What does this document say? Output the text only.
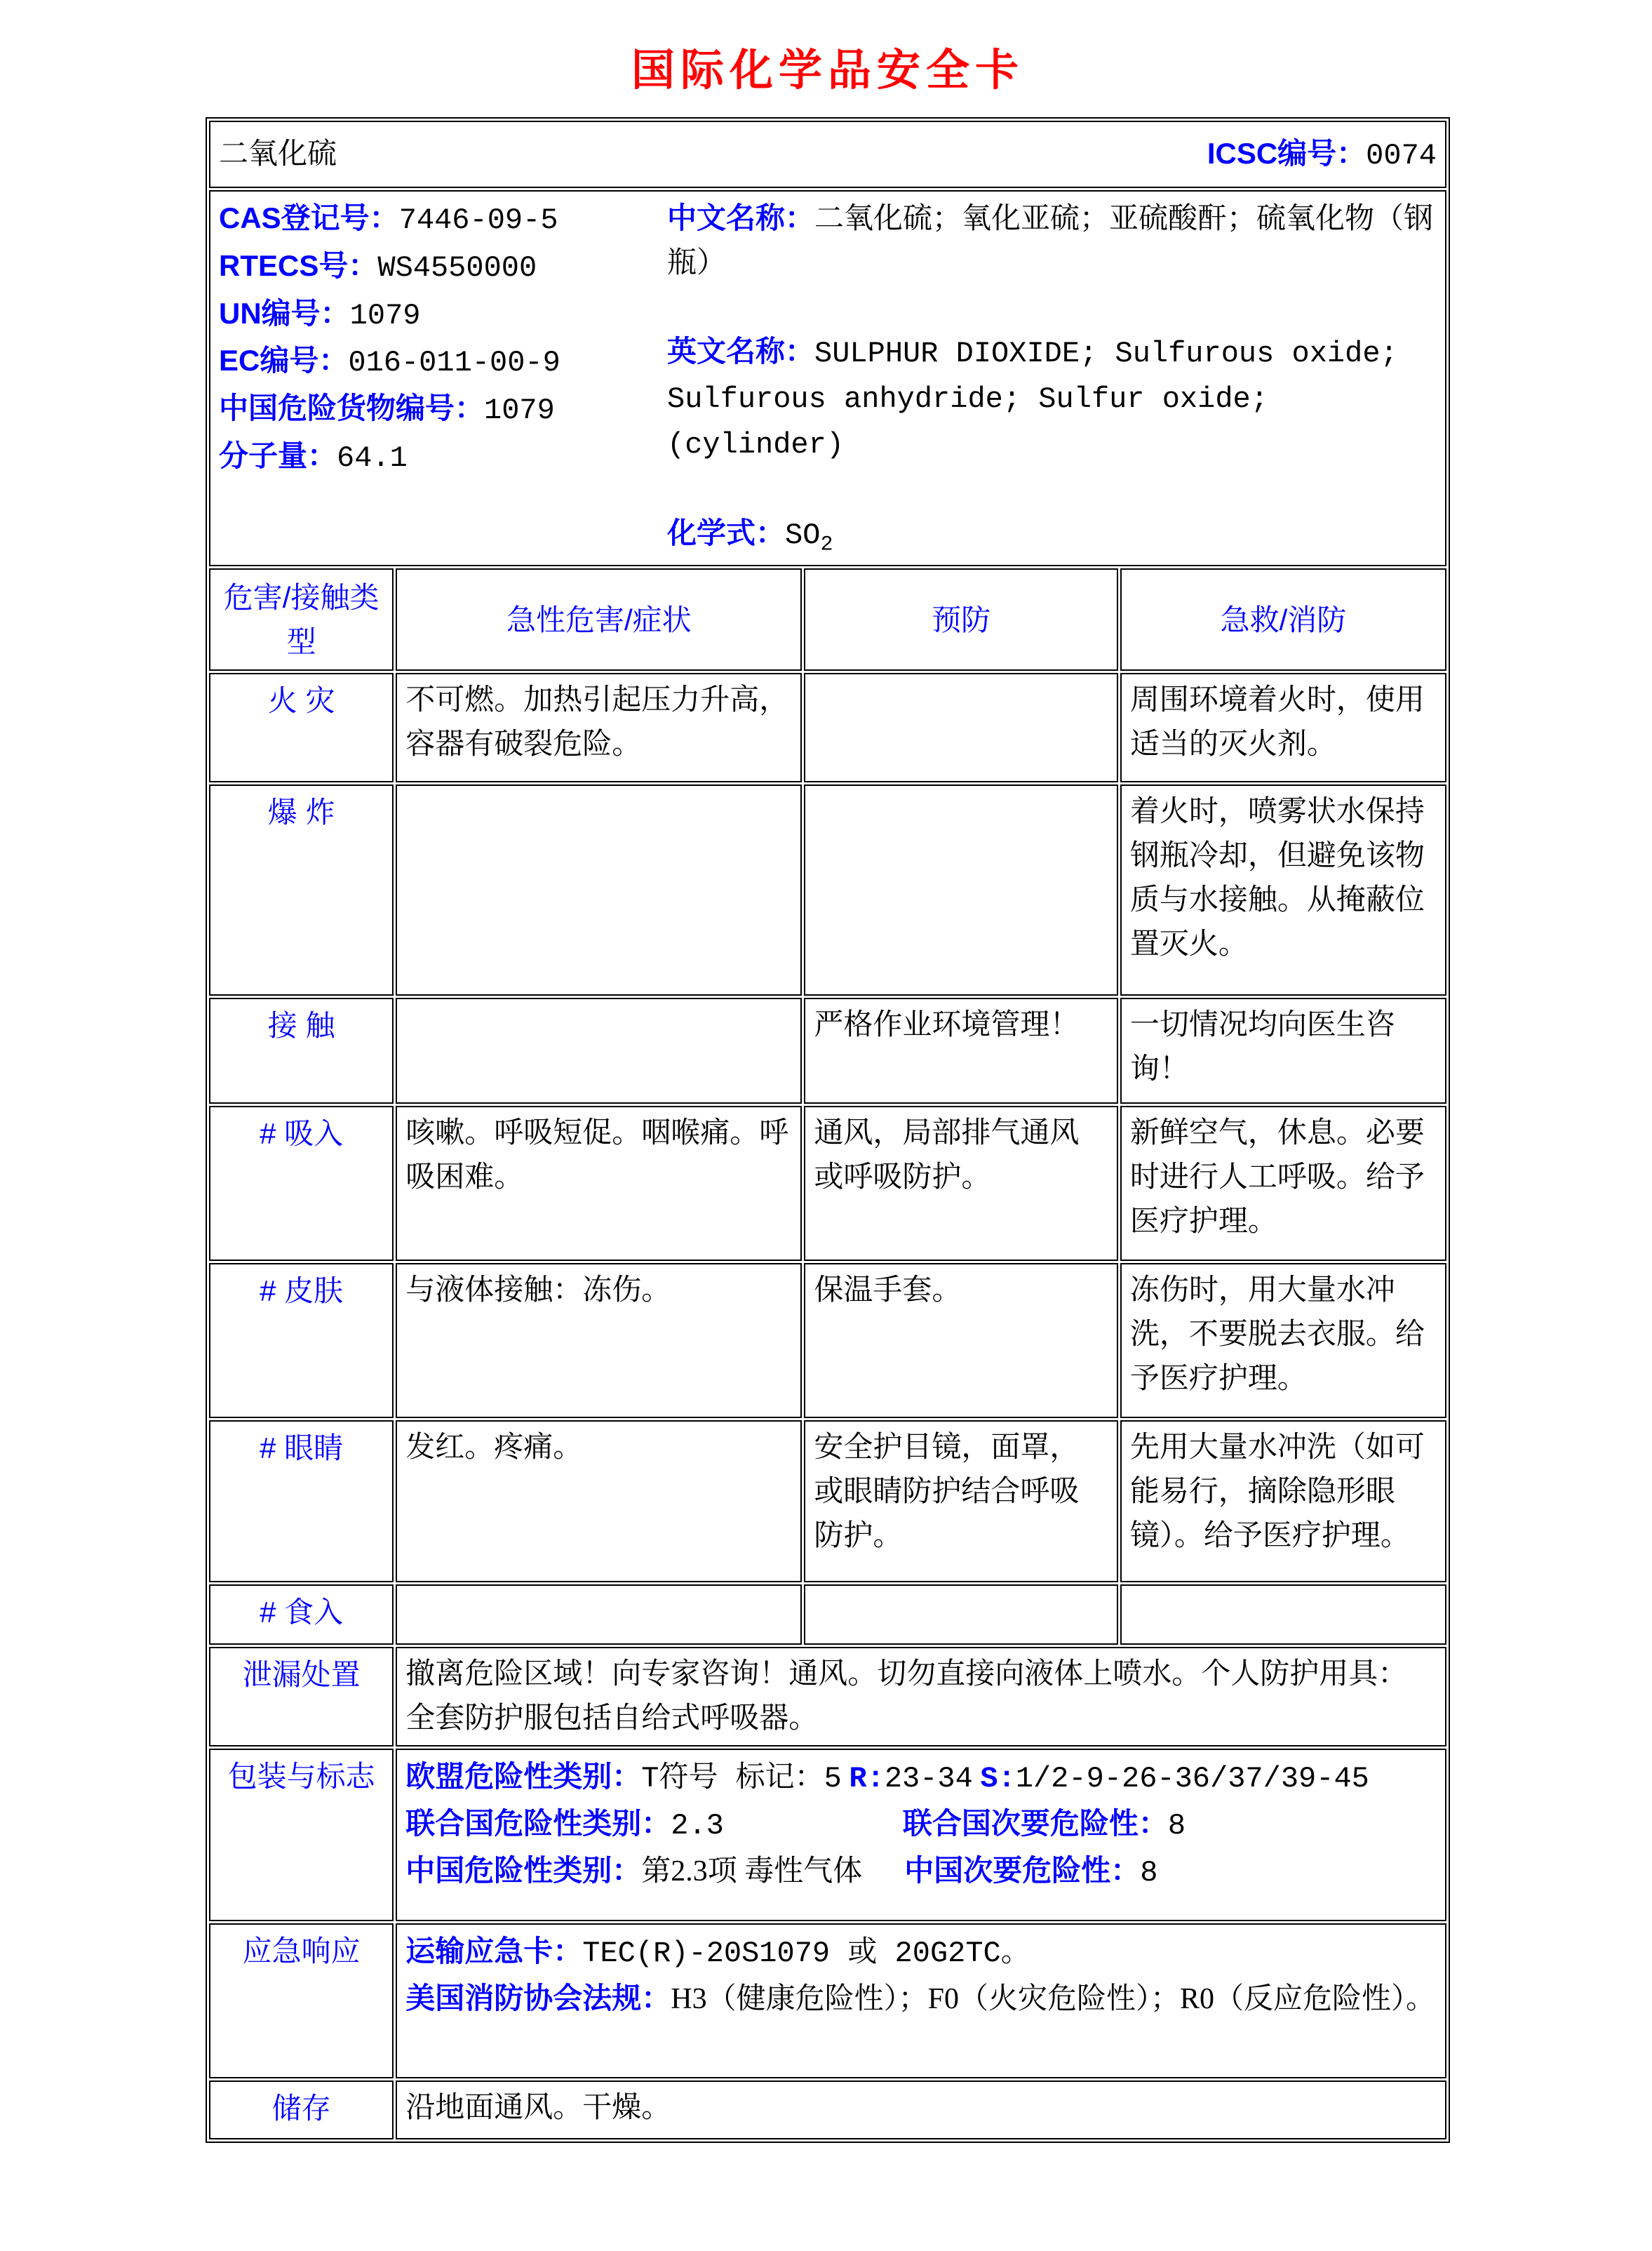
国际化学品安全卡
二氧化硫 ICSC编号：0074			

CAS登记号：7446-09-5
RTECS号：WS4550000
UN编号：1079
EC编号：016-011-00-9
中国危险货物编号：1079
分子量：64.1
中文名称：二氧化硫；氧化亚硫；亚硫酸酐；硫氧化物（钢瓶）
英文名称：SULPHUR DIOXIDE; Sulfurous oxide; Sulfurous anhydride; Sulfur oxide; (cylinder)
化学式：$SO_2$

危害/接触类型	急性危害/症状	预防	急救/消防
火 灾	不可燃。加热引起压力升高，容器有破裂危险。		周围环境着火时，使用适当的灭火剂。
爆 炸			着火时，喷雾状水保持钢瓶冷却，但避免该物质与水接触。从掩蔽位置灭火。
接 触		严格作业环境管理！	一切情况均向医生咨询！
# 吸入	咳嗽。呼吸短促。咽喉痛。呼吸困难。	通风，局部排气通风或呼吸防护。	新鲜空气，休息。必要时进行人工呼吸。给予医疗护理。
# 皮肤	与液体接触：冻伤。	保温手套。	冻伤时，用大量水冲洗，不要脱去衣服。给予医疗护理。
# 眼睛	发红。疼痛。	安全护目镜，面罩，或眼睛防护结合呼吸防护。	先用大量水冲洗（如可能易行，摘除隐形眼镜）。给予医疗护理。
# 食入			
泄漏处置	撤离危险区域！向专家咨询！通风。切勿直接向液体上喷水。个人防护用具：全套防护服包括自给式呼吸器。		
包装与标志	欧盟危险性类别：T符号 标记：5 R:23-34 S:1/2-9-26-36/37/39-45
联合国危险性类别：2.3 联合国次要危险性：8
中国危险性类别：第2.3项 毒性气体 中国次要危险性：8		

应急响应	运输应急卡：TEC(R)-20S1079 或 20G2TC。
美国消防协会法规：H3（健康危险性）；F0（火灾危险性）；R0（反应危险性）。		

储存	沿地面通风。干燥。		
